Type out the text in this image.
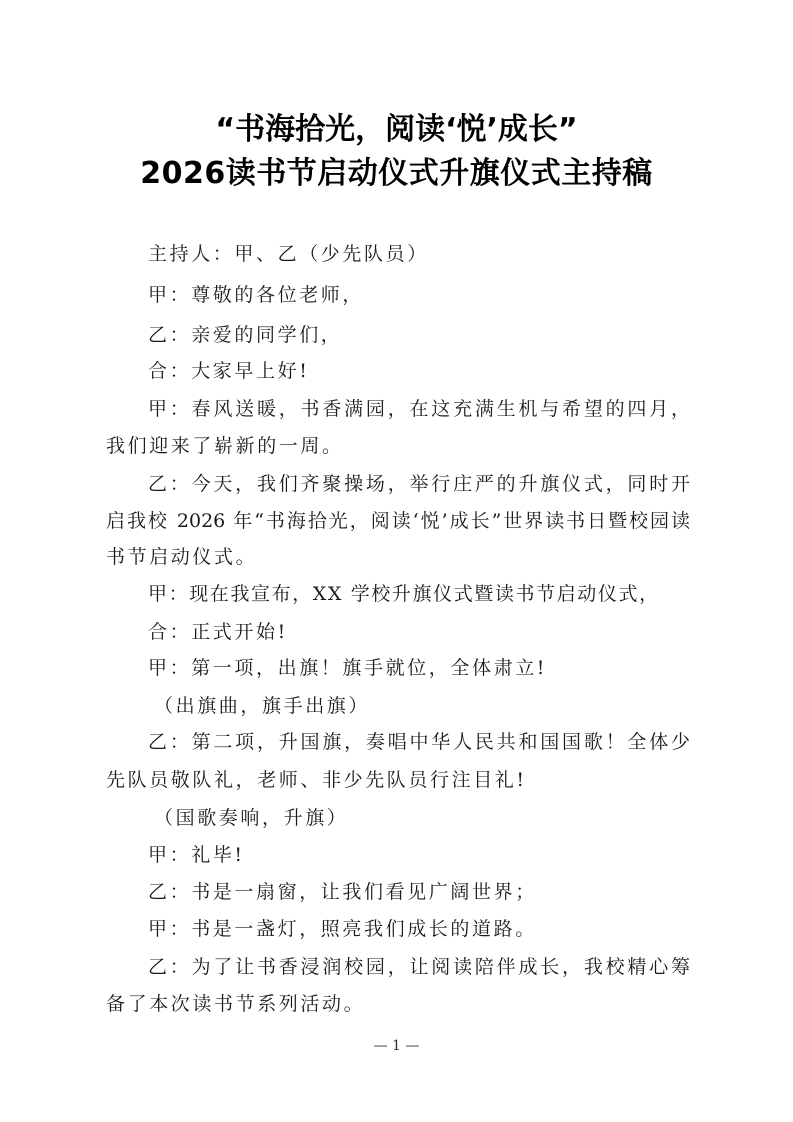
“书海拾光，阅读‘悦’成长”
2026读书节启动仪式升旗仪式主持稿
主持人：甲、乙（少先队员）
甲：尊敬的各位老师，
乙：亲爱的同学们，
合：大家早上好!
甲：春风送暖，书香满园，在这充满生机与希望的四月，
我们迎来了崭新的一周。
乙：今天，我们齐聚操场，举行庄严的升旗仪式，同时开
启我校 2026 年“书海拾光，阅读‘悦’成长”世界读书日暨校园读
书节启动仪式。
甲：现在我宣布，XX 学校升旗仪式暨读书节启动仪式，
合：正式开始!
甲：第一项，出旗！旗手就位，全体肃立!
（出旗曲，旗手出旗）
乙：第二项，升国旗，奏唱中华人民共和国国歌！全体少
先队员敬队礼，老师、非少先队员行注目礼!
（国歌奏响，升旗）
甲：礼毕!
乙：书是一扇窗，让我们看见广阔世界；
甲：书是一盏灯，照亮我们成长的道路。
乙：为了让书香浸润校园，让阅读陪伴成长，我校精心筹
备了本次读书节系列活动。
— 1 —
